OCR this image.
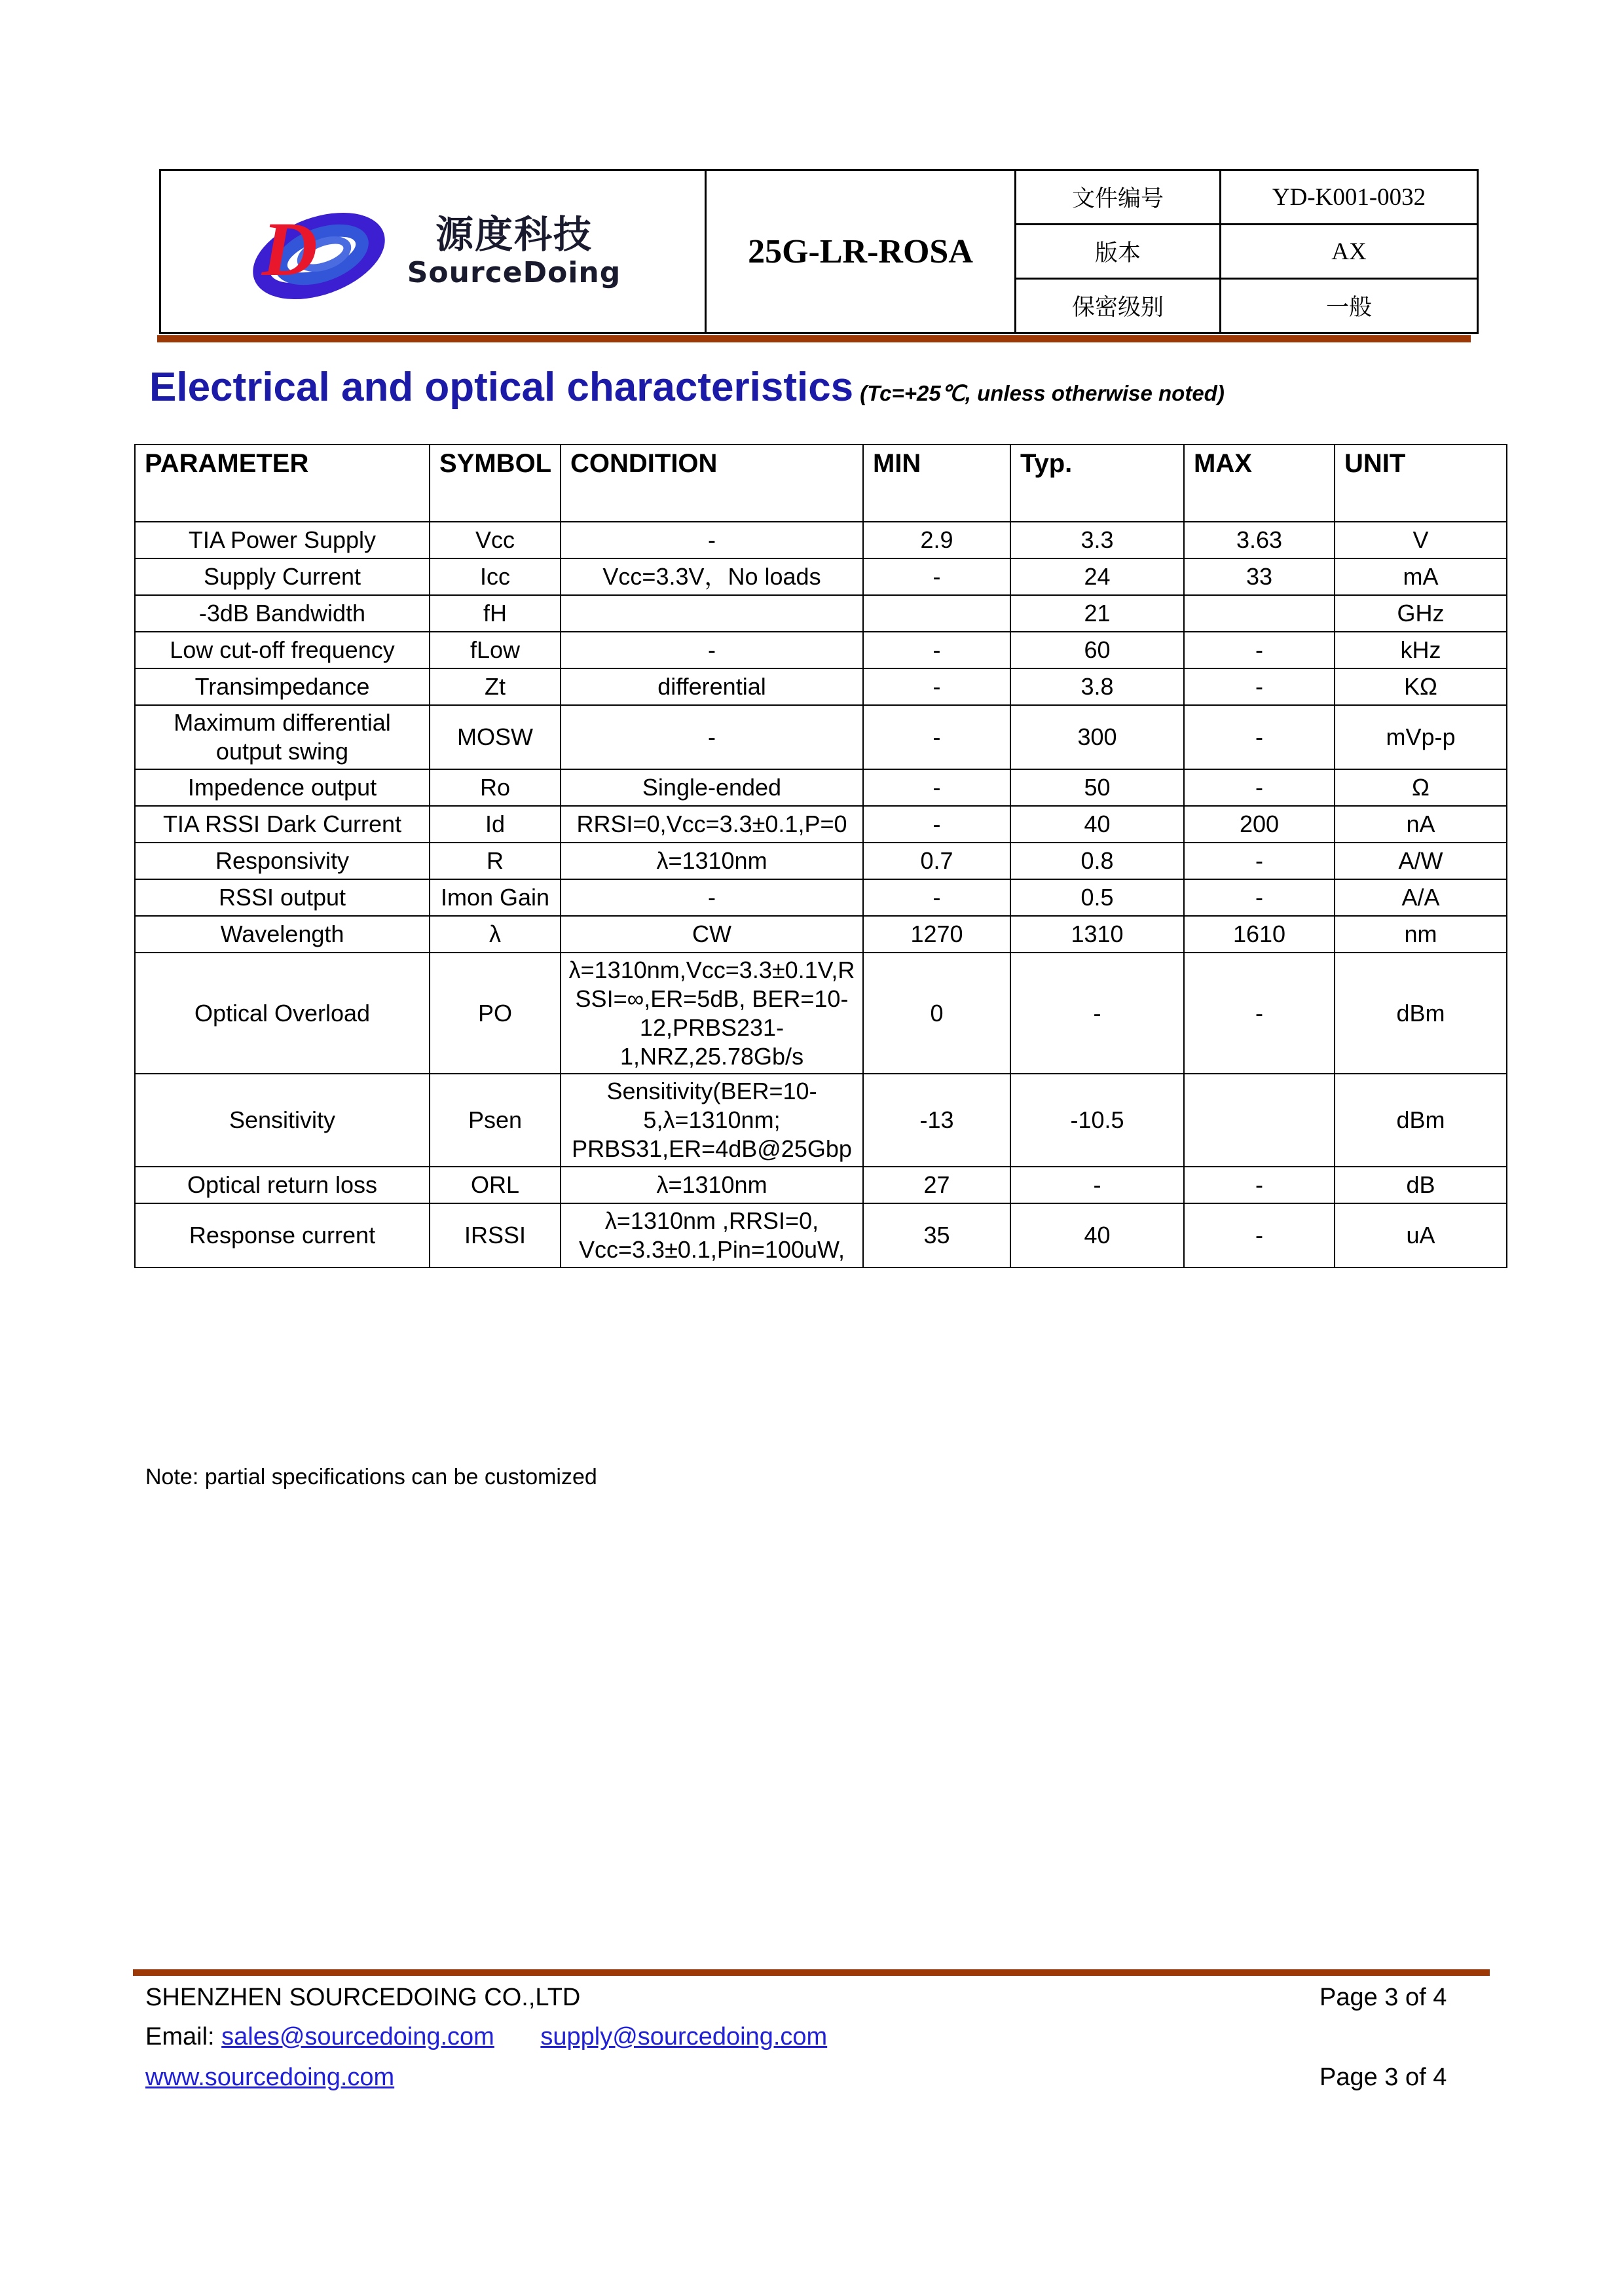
D 源度科技
SourceDoing	25G-LR-ROSA	文件编号	YD-K001-0032
		版本	AX
		保密级别	一般
Electrical and optical characteristics (Tc=+25℃, unless otherwise noted)
PARAMETER	SYMBOL	CONDITION	MIN	Typ.	MAX	UNIT
TIA Power Supply	Vcc	-	2.9	3.3	3.63	V
Supply Current	Icc	Vcc=3.3V，No loads	-	24	33	mA
-3dB Bandwidth	fH			21		GHz
Low cut-off frequency	fLow	-	-	60	-	kHz
Transimpedance	Zt	differential	-	3.8	-	KΩ
Maximum differential output swing	MOSW	-	-	300	-	mVp-p
Impedence output	Ro	Single-ended	-	50	-	Ω
TIA RSSI Dark Current	Id	RRSI=0,Vcc=3.3±0.1,P=0	-	40	200	nA
Responsivity	R	λ=1310nm	0.7	0.8	-	A/W
RSSI output	Imon Gain	-	-	0.5	-	A/A
Wavelength	λ	CW	1270	1310	1610	nm
Optical Overload	PO	λ=1310nm,Vcc=3.3±0.1V,RSSI=∞,ER=5dB, BER=10-12,PRBS231-1,NRZ,25.78Gb/s	0	-	-	dBm
Sensitivity	Psen	Sensitivity(BER=10-5,λ=1310nm; PRBS31,ER=4dB@25Gbp	-13	-10.5		dBm
Optical return loss	ORL	λ=1310nm	27	-	-	dB
Response current	IRSSI	λ=1310nm ,RRSI=0, Vcc=3.3±0.1,Pin=100uW,	35	40	-	uA
Note: partial specifications can be customized
SHENZHEN SOURCEDOING CO.,LTD
Email: sales@sourcedoing.com supply@sourcedoing.com
www.sourcedoing.com
Page 3 of 4
Page 3 of 4
